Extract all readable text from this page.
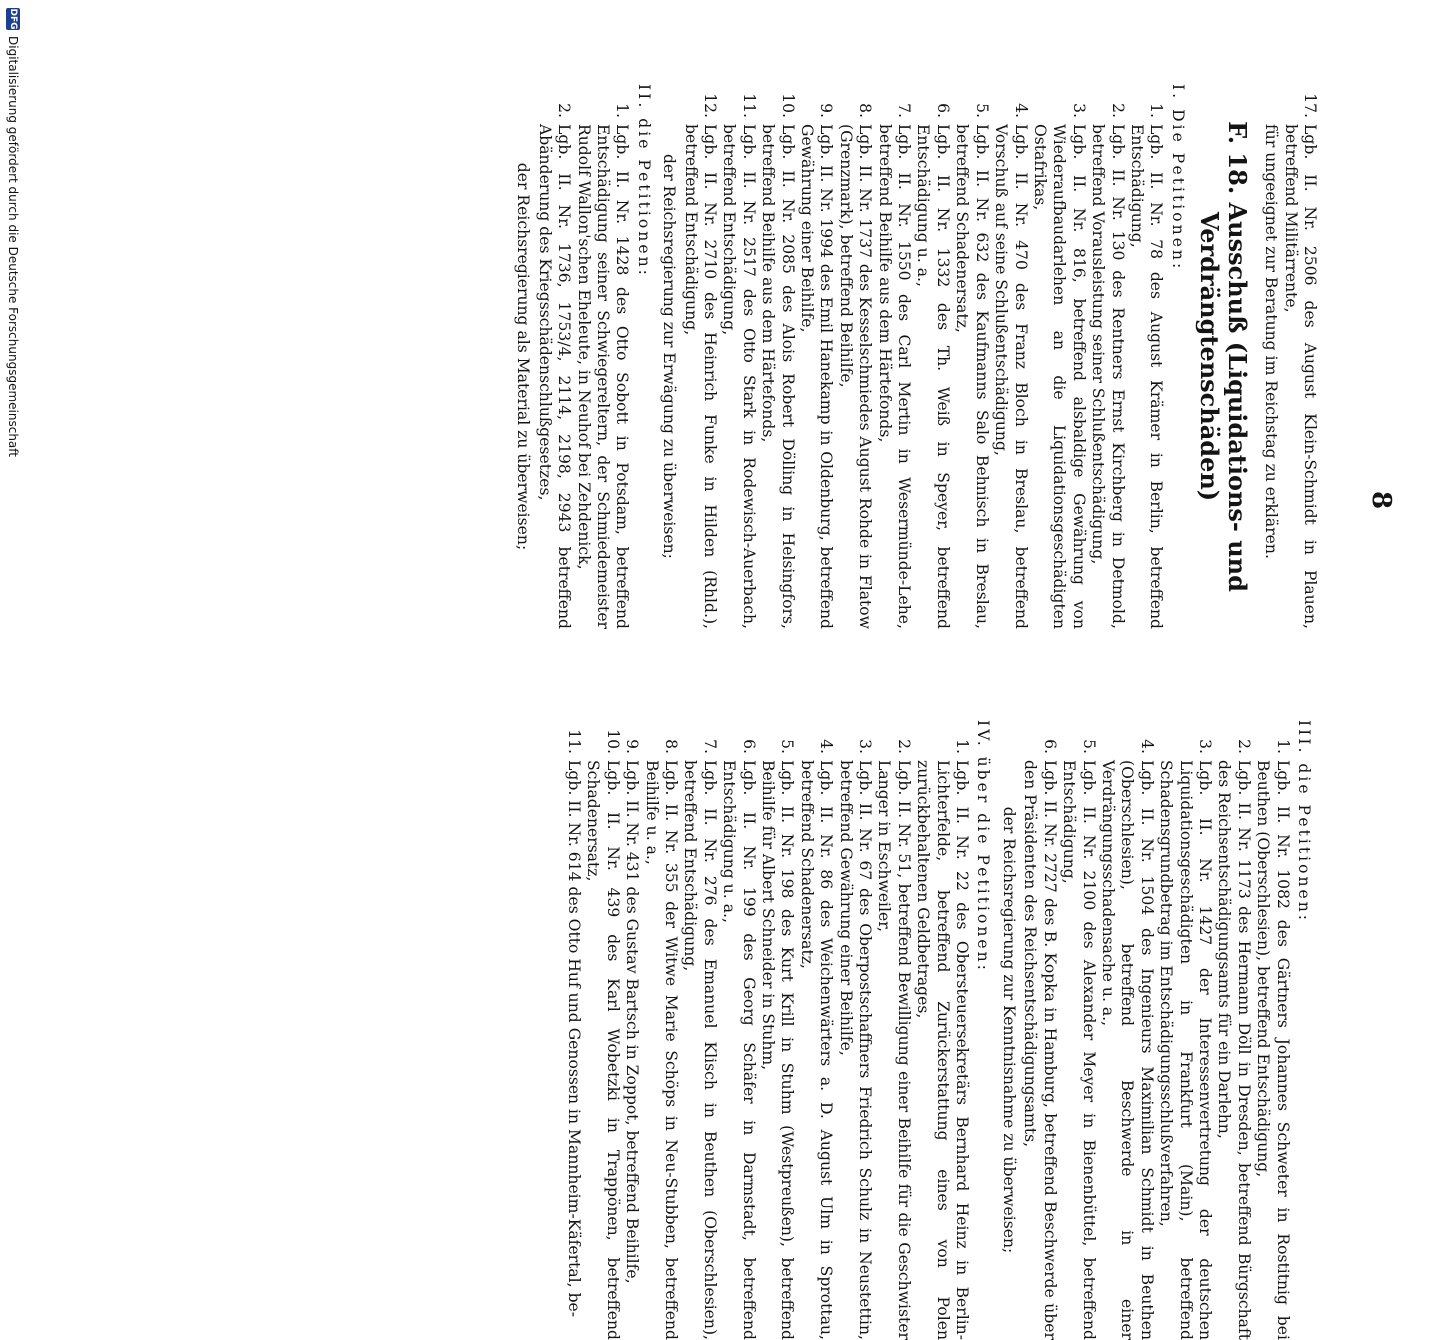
8
17.
Lgb. II. Nr. 2506 des August Klein-Schmidt in Plauen, betreffend Militärrente,
für ungeeignet zur Beratung im Reichstag zu erklären.
F. 18. Ausschuß (Liquidations- und Verdrängtenschäden)
I. Die Petitionen:
1.
Lgb. II. Nr. 78 des August Krämer in Berlin, betreffend Entschädigung,
2.
Lgb. II. Nr. 130 des Rentners Ernst Kirchberg in Detmold, betreffend Vorausleistung seiner Schlußentschädigung,
3.
Lgb. II. Nr. 816, betreffend alsbaldige Gewährung von Wiederaufbaudarlehen an die Liquidationsgeschädigten Ostafrikas,
4.
Lgb. II. Nr. 470 des Franz Bloch in Breslau, betreffend Vorschuß auf seine Schlußentschädigung,
5.
Lgb. II. Nr. 632 des Kaufmanns Salo Behnisch in Breslau, betreffend Schadenersatz,
6.
Lgb. II. Nr. 1332 des Th. Weiß in Speyer, betreffend Entschädigung u. a.,
7.
Lgb. II. Nr. 1550 des Carl Mertin in Wesermünde-Lehe, betreffend Beihilfe aus dem Härtefonds,
8.
Lgb. II. Nr. 1737 des Kesselschmiedes August Rohde in Flatow (Grenzmark), betreffend Beihilfe,
9.
Lgb. II. Nr. 1994 des Emil Hanekamp in Oldenburg, betreffend Gewährung einer Beihilfe,
10.
Lgb. II. Nr. 2085 des Alois Robert Dölling in Helsingfors, betreffend Beihilfe aus dem Härtefonds,
11.
Lgb. II. Nr. 2517 des Otto Stark in Rodewisch-Auerbach, betreffend Entschädigung,
12.
Lgb. II. Nr. 2710 des Heinrich Funke in Hilden (Rhld.), betreffend Entschädigung,
der Reichsregierung zur Erwägung zu überweisen;
II. die Petitionen:
1.
Lgb. II. Nr. 1428 des Otto Sobott in Potsdam, betreffend Entschädigung seiner Schwiegereltern, der Schmiedemeister Rudolf Wallon'schen Eheleute, in Neuhof bei Zehdenick,
2.
Lgb. II. Nr. 1736, 1753/4, 2114, 2198, 2943 betreffend Abänderung des Kriegsschädenschlußgesetzes,
der Reichsregierung als Material zu überweisen;
III. die Petitionen:
1.
Lgb. II. Nr. 1082 des Gärtners Johannes Schweter in Rostitnig bei Beuthen (Oberschlesien), betreffend Entschädigung,
2.
Lgb. II. Nr. 1173 des Hermann Döll in Dresden, betreffend Bürgschaft des Reichsentschädigungsamts für ein Darlehn,
3.
Lgb. II. Nr. 1427 der Interessenvertretung der deutschen Liquidationsgeschädigten in Frankfurt (Main), betreffend Schadensgrundbetrag im Entschädigungsschlußverfahren,
4.
Lgb. II. Nr. 1504 des Ingenieurs Maximilian Schmidt in Beuthen (Oberschlesien), betreffend Beschwerde in einer Verdrängungsschadensache u. a.,
5.
Lgb. II. Nr. 2100 des Alexander Meyer in Bienenbüttel, betreffend Entschädigung,
6.
Lgb. II. Nr. 2727 des B. Kopka in Hamburg, betreffend Beschwerde über den Präsidenten des Reichsentschädigungsamts,
der Reichsregierung zur Kenntnisnahme zu überweisen;
IV. über die Petitionen:
1.
Lgb. II. Nr. 22 des Obersteuersekretärs Bernhard Heinz in Berlin-Lichterfelde, betreffend Zurückerstattung eines von Polen zurückbehaltenen Geldbetrages,
2.
Lgb. II. Nr. 51, betreffend Bewilligung einer Beihilfe für die Geschwister Langer in Eschweiler,
3.
Lgb. II. Nr. 67 des Oberpostschaffners Friedrich Schulz in Neustettin, betreffend Gewährung einer Beihilfe,
4.
Lgb. II. Nr. 86 des Weichenwärters a. D. August Ulm in Sprottau, betreffend Schadenersatz,
5.
Lgb. II. Nr. 198 des Kurt Krill in Stuhm (Westpreußen), betreffend Beihilfe für Albert Schneider in Stuhm,
6.
Lgb. II. Nr. 199 des Georg Schäfer in Darmstadt, betreffend Entschädigung u. a.,
7.
Lgb. II. Nr. 276 des Emanuel Klisch in Beuthen (Oberschlesien), betreffend Entschädigung,
8.
Lgb. II. Nr. 355 der Witwe Marie Schöps in Neu-Stubben, betreffend Beihilfe u. a.,
9.
Lgb. II. Nr. 431 des Gustav Bartsch in Zoppot, betreffend Beihilfe,
10.
Lgb. II. Nr. 439 des Karl Wobetzki in Trappönen, betreffend Schadenersatz,
11.
Lgb. II. Nr. 614 des Otto Huf und Genossen in Mannheim-Käfertal, be-
DFG
Digitalisierung gefördert durch die Deutsche Forschungsgemeinschaft
